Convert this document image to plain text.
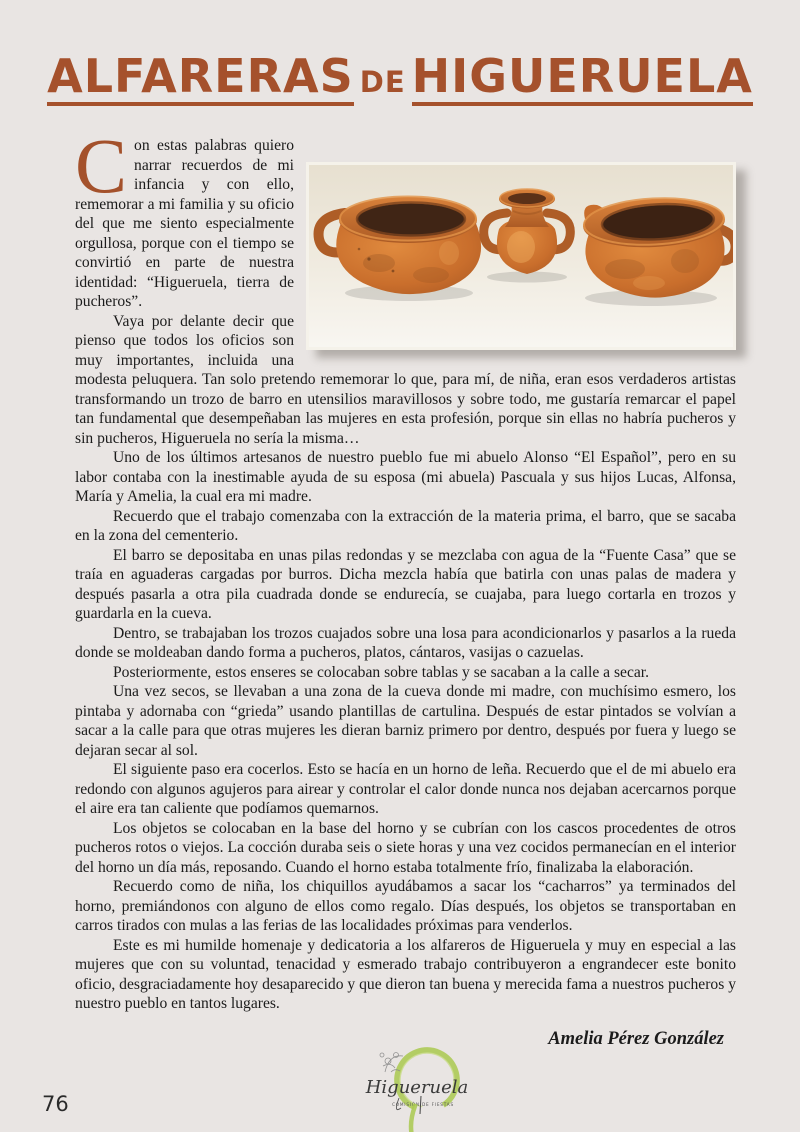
ALFARERAS DE HIGUERUELA

Con estas palabras quiero narrar recuerdos de mi infancia y con ello, rememorar a mi familia y su oficio del que me siento especialmente orgullosa, porque con el tiempo se convirtió en parte de nuestra identidad: “Higueruela, tierra de pucheros”.

Vaya por delante decir que pienso que todos los oficios son muy importantes, incluida una modesta peluquera. Tan solo pretendo rememorar lo que, para mí, de niña, eran esos verdaderos artistas transformando un trozo de barro en utensilios maravillosos y sobre todo, me gustaría remarcar el papel tan fundamental que desempeñaban las mujeres en esta profesión, porque sin ellas no habría pucheros y sin pucheros, Higueruela no sería la misma…

Uno de los últimos artesanos de nuestro pueblo fue mi abuelo Alonso “El Español”, pero en su labor contaba con la inestimable ayuda de su esposa (mi abuela) Pascuala y sus hijos Lucas, Alfonsa, María y Amelia, la cual era mi madre.

Recuerdo que el trabajo comenzaba con la extracción de la materia prima, el barro, que se sacaba en la zona del cementerio.

El barro se depositaba en unas pilas redondas y se mezclaba con agua de la “Fuente Casa” que se traía en aguaderas cargadas por burros. Dicha mezcla había que batirla con unas palas de madera y después pasarla a otra pila cuadrada donde se endurecía, se cuajaba, para luego cortarla en trozos y guardarla en la cueva.

Dentro, se trabajaban los trozos cuajados sobre una losa para acondicionarlos y pasarlos a la rueda donde se moldeaban dando forma a pucheros, platos, cántaros, vasijas o cazuelas.

Posteriormente, estos enseres se colocaban sobre tablas y se sacaban a la calle a secar.

Una vez secos, se llevaban a una zona de la cueva donde mi madre, con muchísimo esmero, los pintaba y adornaba con “grieda” usando plantillas de cartulina. Después de estar pintados se volvían a sacar a la calle para que otras mujeres les dieran barniz primero por dentro, después por fuera y luego se dejaran secar al sol.

El siguiente paso era cocerlos. Esto se hacía en un horno de leña. Recuerdo que el de mi abuelo era redondo con algunos agujeros para airear y controlar el calor donde nunca nos dejaban acercarnos porque el aire era tan caliente que podíamos quemarnos.

Los objetos se colocaban en la base del horno y se cubrían con los cascos procedentes de otros pucheros rotos o viejos. La cocción duraba seis o siete horas y una vez cocidos permanecían en el interior del horno un día más, reposando. Cuando el horno estaba totalmente frío, finalizaba la elaboración.

Recuerdo como de niña, los chiquillos ayudábamos a sacar los “cacharros” ya terminados del horno, premiándonos con alguno de ellos como regalo. Días después, los objetos se transportaban en carros tirados con mulas a las ferias de las localidades próximas para venderlos.

Este es mi humilde homenaje y dedicatoria a los alfareros de Higueruela y muy en especial a las mujeres que con su voluntad, tenacidad y esmerado trabajo contribuyeron a engrandecer este bonito oficio, desgraciadamente hoy desaparecido y que dieron tan buena y merecida fama a nuestros pucheros y nuestro pueblo en tantos lugares.

Amelia Pérez González
76
Higueruela
COMISIÓN DE FIESTAS
